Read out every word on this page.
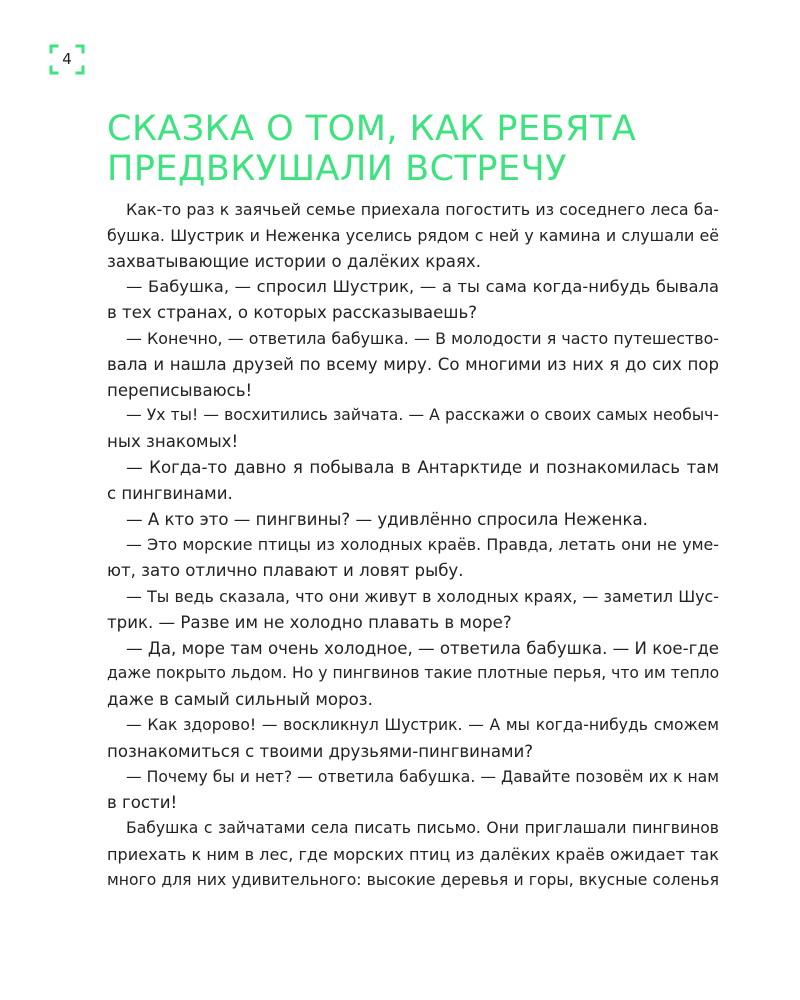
4
СКАЗКА О ТОМ, КАК РЕБЯТА
ПРЕДВКУШАЛИ ВСТРЕЧУ
Как-то раз к заячьей семье приехала погостить из соседнего леса ба-
бушка. Шустрик и Неженка уселись рядом с ней у камина и слушали её
захватывающие истории о далёких краях.
— Бабушка, — спросил Шустрик, — а ты сама когда-нибудь бывала
в тех странах, о которых рассказываешь?
— Конечно, — ответила бабушка. — В молодости я часто путешество-
вала и нашла друзей по всему миру. Со многими из них я до сих пор
переписываюсь!
— Ух ты! — восхитились зайчата. — А расскажи о своих самых необыч-
ных знакомых!
— Когда-то давно я побывала в Антарктиде и познакомилась там
с пингвинами.
— А кто это — пингвины? — удивлённо спросила Неженка.
— Это морские птицы из холодных краёв. Правда, летать они не уме-
ют, зато отлично плавают и ловят рыбу.
— Ты ведь сказала, что они живут в холодных краях, — заметил Шус-
трик. — Разве им не холодно плавать в море?
— Да, море там очень холодное, — ответила бабушка. — И кое-где
даже покрыто льдом. Но у пингвинов такие плотные перья, что им тепло
даже в самый сильный мороз.
— Как здорово! — воскликнул Шустрик. — А мы когда-нибудь сможем
познакомиться с твоими друзьями-пингвинами?
— Почему бы и нет? — ответила бабушка. — Давайте позовём их к нам
в гости!
Бабушка с зайчатами села писать письмо. Они приглашали пингвинов
приехать к ним в лес, где морских птиц из далёких краёв ожидает так
много для них удивительного: высокие деревья и горы, вкусные соленья
